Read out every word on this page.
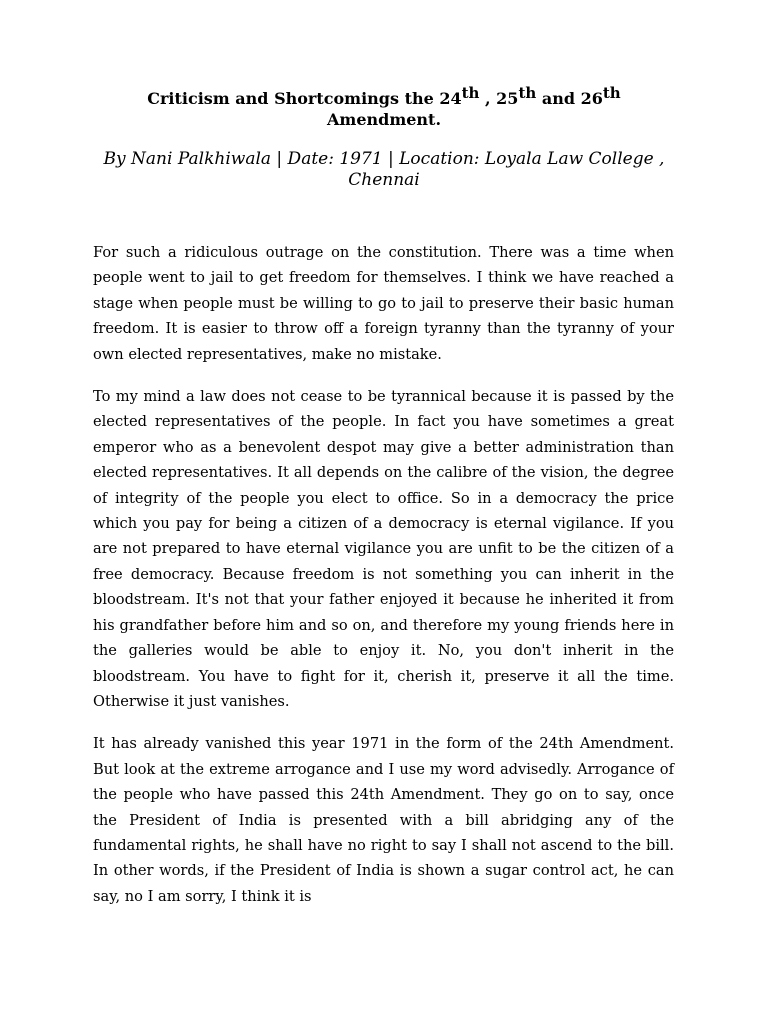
Criticism and Shortcomings the 24th , 25th and 26th Amendment.

By Nani Palkhiwala | Date: 1971 | Location: Loyala Law College , Chennai

For such a ridiculous outrage on the constitution. There was a time when people went to jail to get freedom for themselves. I think we have reached a stage when people must be willing to go to jail to preserve their basic human freedom. It is easier to throw off a foreign tyranny than the tyranny of your own elected representatives, make no mistake.

To my mind a law does not cease to be tyrannical because it is passed by the elected representatives of the people. In fact you have sometimes a great emperor who as a benevolent despot may give a better administration than elected representatives. It all depends on the calibre of the vision, the degree of integrity of the people you elect to office. So in a democracy the price which you pay for being a citizen of a democracy is eternal vigilance. If you are not prepared to have eternal vigilance you are unfit to be the citizen of a free democracy. Because freedom is not something you can inherit in the bloodstream. It's not that your father enjoyed it because he inherited it from his grandfather before him and so on, and therefore my young friends here in the galleries would be able to enjoy it. No, you don't inherit in the bloodstream. You have to fight for it, cherish it, preserve it all the time. Otherwise it just vanishes.

It has already vanished this year 1971 in the form of the 24th Amendment. But look at the extreme arrogance and I use my word advisedly. Arrogance of the people who have passed this 24th Amendment. They go on to say, once the President of India is presented with a bill abridging any of the fundamental rights, he shall have no right to say I shall not ascend to the bill. In other words, if the President of India is shown a sugar control act, he can say, no I am sorry, I think it is
